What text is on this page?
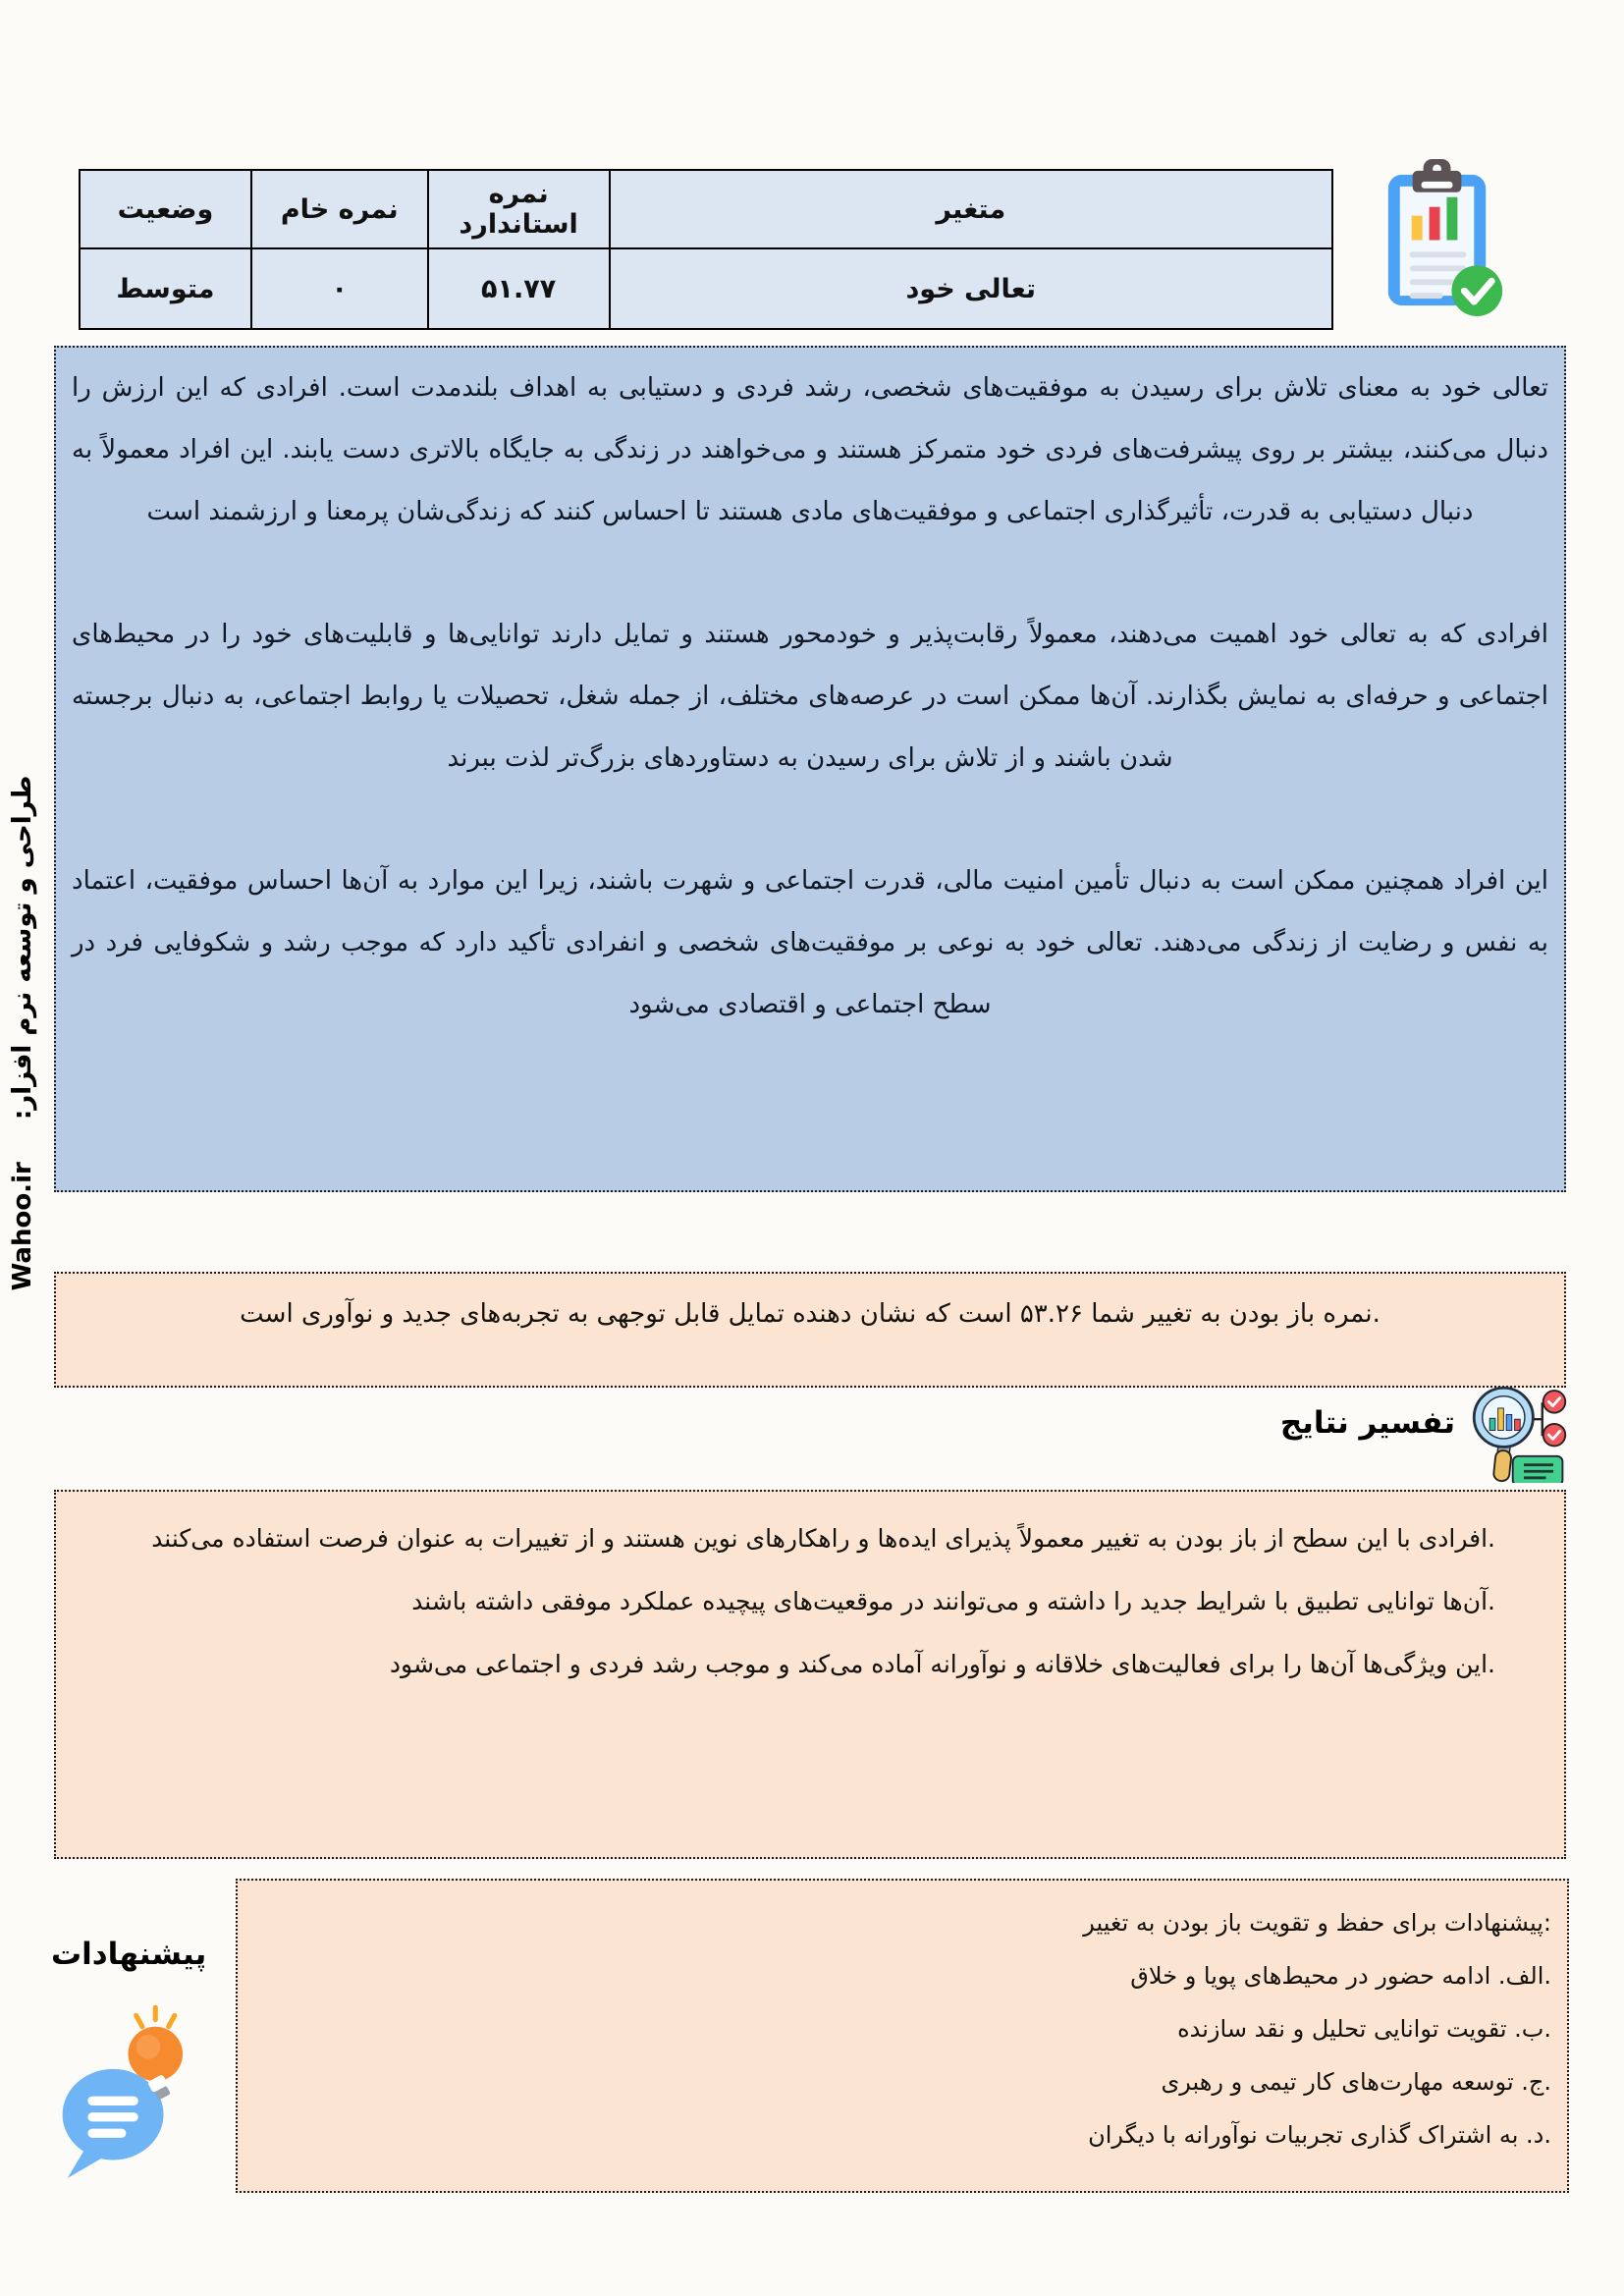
طراحی و توسعه نرم افزار: Wahoo.ir
متغیر	نمره استاندارد	نمره خام	وضعیت
تعالی خود	۵۱.۷۷	۰	متوسط

تعالی خود به معنای تلاش برای رسیدن به موفقیت‌های شخصی، رشد فردی و دستیابی به اهداف بلندمدت است. افرادی که این ارزش را دنبال می‌کنند، بیشتر بر روی پیشرفت‌های فردی خود متمرکز هستند و می‌خواهند در زندگی به جایگاه بالاتری دست یابند. این افراد معمولاً به دنبال دستیابی به قدرت، تأثیرگذاری اجتماعی و موفقیت‌های مادی هستند تا احساس کنند که زندگی‌شان پرمعنا و ارزشمند است

افرادی که به تعالی خود اهمیت می‌دهند، معمولاً رقابت‌پذیر و خودمحور هستند و تمایل دارند توانایی‌ها و قابلیت‌های خود را در محیط‌های اجتماعی و حرفه‌ای به نمایش بگذارند. آن‌ها ممکن است در عرصه‌های مختلف، از جمله شغل، تحصیلات یا روابط اجتماعی، به دنبال برجسته شدن باشند و از تلاش برای رسیدن به دستاوردهای بزرگ‌تر لذت ببرند

این افراد همچنین ممکن است به دنبال تأمین امنیت مالی، قدرت اجتماعی و شهرت باشند، زیرا این موارد به آن‌ها احساس موفقیت، اعتماد به نفس و رضایت از زندگی می‌دهند. تعالی خود به نوعی بر موفقیت‌های شخصی و انفرادی تأکید دارد که موجب رشد و شکوفایی فرد در سطح اجتماعی و اقتصادی می‌شود

.نمره باز بودن به تغییر شما ۵۳.۲۶ است که نشان دهنده تمایل قابل توجهی به تجربه‌های جدید و نوآوری است
تفسیر نتایج
.افرادی با این سطح از باز بودن به تغییر معمولاً پذیرای ایده‌ها و راهکارهای نوین هستند و از تغییرات به عنوان فرصت استفاده می‌کنند
.آن‌ها توانایی تطبیق با شرایط جدید را داشته و می‌توانند در موقعیت‌های پیچیده عملکرد موفقی داشته باشند
.این ویژگی‌ها آن‌ها را برای فعالیت‌های خلاقانه و نوآورانه آماده می‌کند و موجب رشد فردی و اجتماعی می‌شود
پیشنهادات
:پیشنهادات برای حفظ و تقویت باز بودن به تغییر
.الف. ادامه حضور در محیط‌های پویا و خلاق
.ب. تقویت توانایی تحلیل و نقد سازنده
.ج. توسعه مهارت‌های کار تیمی و رهبری
.د. به اشتراک گذاری تجربیات نوآورانه با دیگران
